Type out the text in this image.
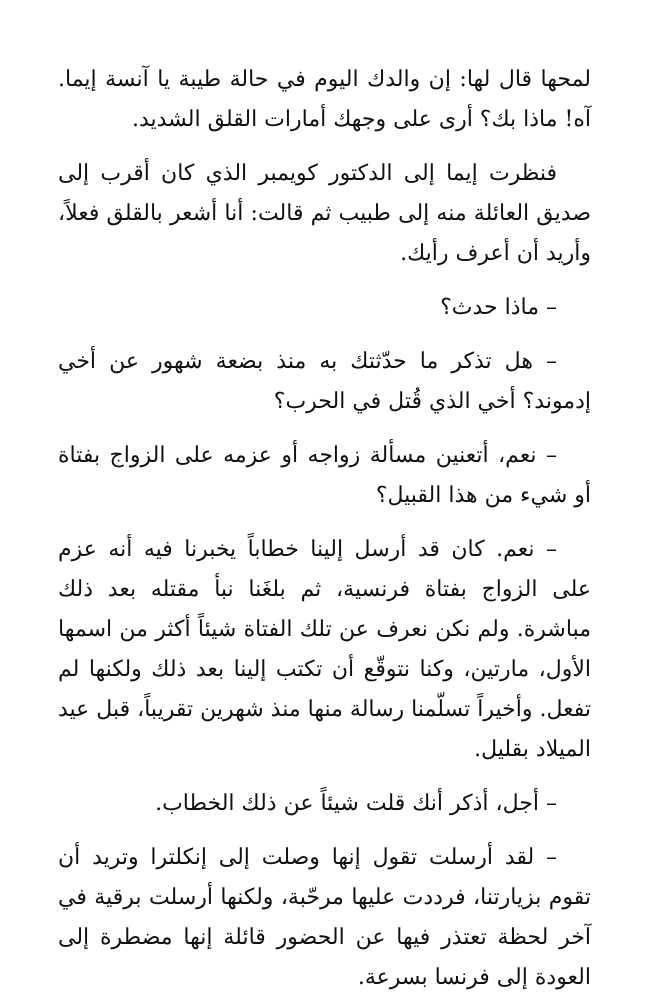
لمحها قال لها: إن والدك اليوم في حالة طيبة يا آنسة إيما. آه! ماذا بك؟ أرى على وجهك أمارات القلق الشديد.

فنظرت إيما إلى الدكتور كويمبر الذي كان أقرب إلى صديق العائلة منه إلى طبيب ثم قالت: أنا أشعر بالقلق فعلاً، وأريد أن أعرف رأيك.

– ماذا حدث؟

– هل تذكر ما حدّثتك به منذ بضعة شهور عن أخي إدموند؟ أخي الذي قُتل في الحرب؟

– نعم، أتعنين مسألة زواجه أو عزمه على الزواج بفتاة أو شيء من هذا القبيل؟

– نعم. كان قد أرسل إلينا خطاباً يخبرنا فيه أنه عزم على الزواج بفتاة فرنسية، ثم بلغَنا نبأ مقتله بعد ذلك مباشرة. ولم نكن نعرف عن تلك الفتاة شيئاً أكثر من اسمها الأول، مارتين، وكنا نتوقّع أن تكتب إلينا بعد ذلك ولكنها لم تفعل. وأخيراً تسلّمنا رسالة منها منذ شهرين تقريباً، قبل عيد الميلاد بقليل.

– أجل، أذكر أنك قلت شيئاً عن ذلك الخطاب.

– لقد أرسلت تقول إنها وصلت إلى إنكلترا وتريد أن تقوم بزيارتنا، فرددت عليها مرحّبة، ولكنها أرسلت برقية في آخر لحظة تعتذر فيها عن الحضور قائلة إنها مضطرة إلى العودة إلى فرنسا بسرعة.
